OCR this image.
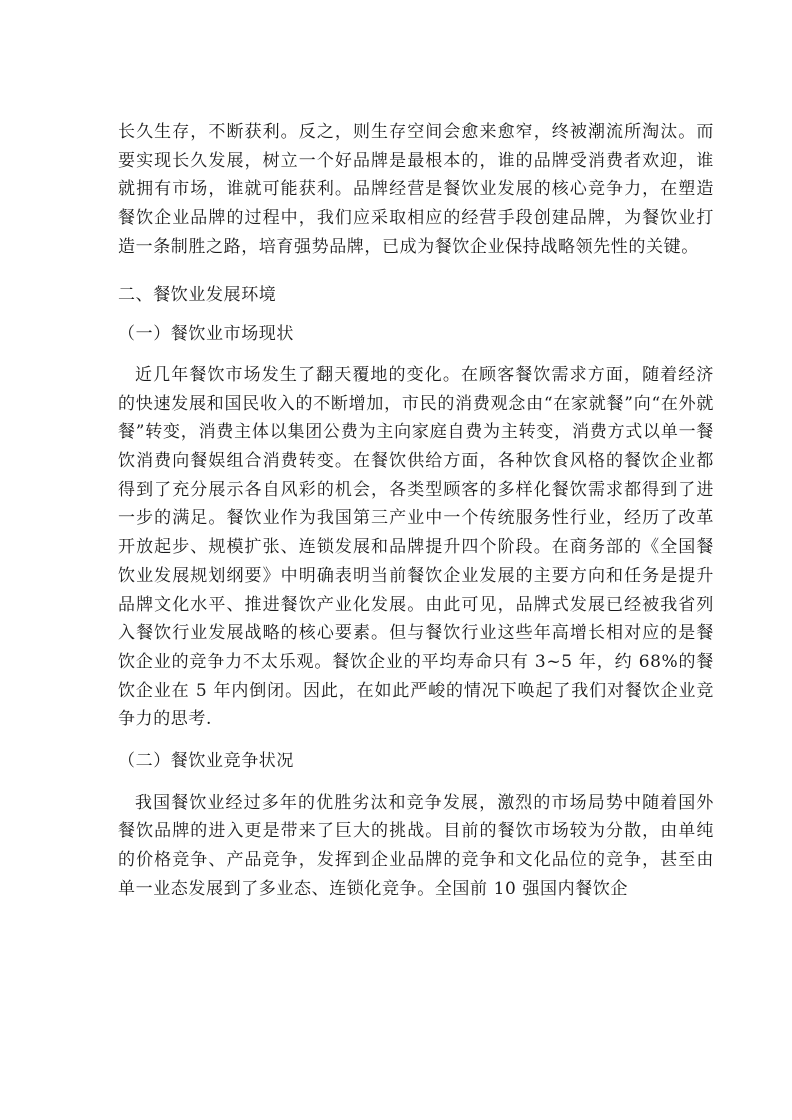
长久生存，不断获利。反之，则生存空间会愈来愈窄，终被潮流所淘汰。而要实现长久发展，树立一个好品牌是最根本的，谁的品牌受消费者欢迎，谁就拥有市场，谁就可能获利。品牌经营是餐饮业发展的核心竞争力，在塑造餐饮企业品牌的过程中，我们应采取相应的经营手段创建品牌，为餐饮业打造一条制胜之路，培育强势品牌，已成为餐饮企业保持战略领先性的关键。

二、餐饮业发展环境

（一）餐饮业市场现状

近几年餐饮市场发生了翻天覆地的变化。在顾客餐饮需求方面，随着经济的快速发展和国民收入的不断增加，市民的消费观念由“在家就餐”向“在外就餐”转变，消费主体以集团公费为主向家庭自费为主转变，消费方式以单一餐饮消费向餐娱组合消费转变。在餐饮供给方面，各种饮食风格的餐饮企业都得到了充分展示各自风彩的机会，各类型顾客的多样化餐饮需求都得到了进一步的满足。餐饮业作为我国第三产业中一个传统服务性行业，经历了改革开放起步、规模扩张、连锁发展和品牌提升四个阶段。在商务部的《全国餐饮业发展规划纲要》中明确表明当前餐饮企业发展的主要方向和任务是提升品牌文化水平、推进餐饮产业化发展。由此可见，品牌式发展已经被我省列入餐饮行业发展战略的核心要素。但与餐饮行业这些年高增长相对应的是餐饮企业的竞争力不太乐观。餐饮企业的平均寿命只有 3~5 年，约 68%的餐饮企业在 5 年内倒闭。因此，在如此严峻的情况下唤起了我们对餐饮企业竞争力的思考.

（二）餐饮业竞争状况

我国餐饮业经过多年的优胜劣汰和竞争发展，激烈的市场局势中随着国外餐饮品牌的进入更是带来了巨大的挑战。目前的餐饮市场较为分散，由单纯的价格竞争、产品竞争，发挥到企业品牌的竞争和文化品位的竞争，甚至由单一业态发展到了多业态、连锁化竞争。全国前 10 强国内餐饮企
